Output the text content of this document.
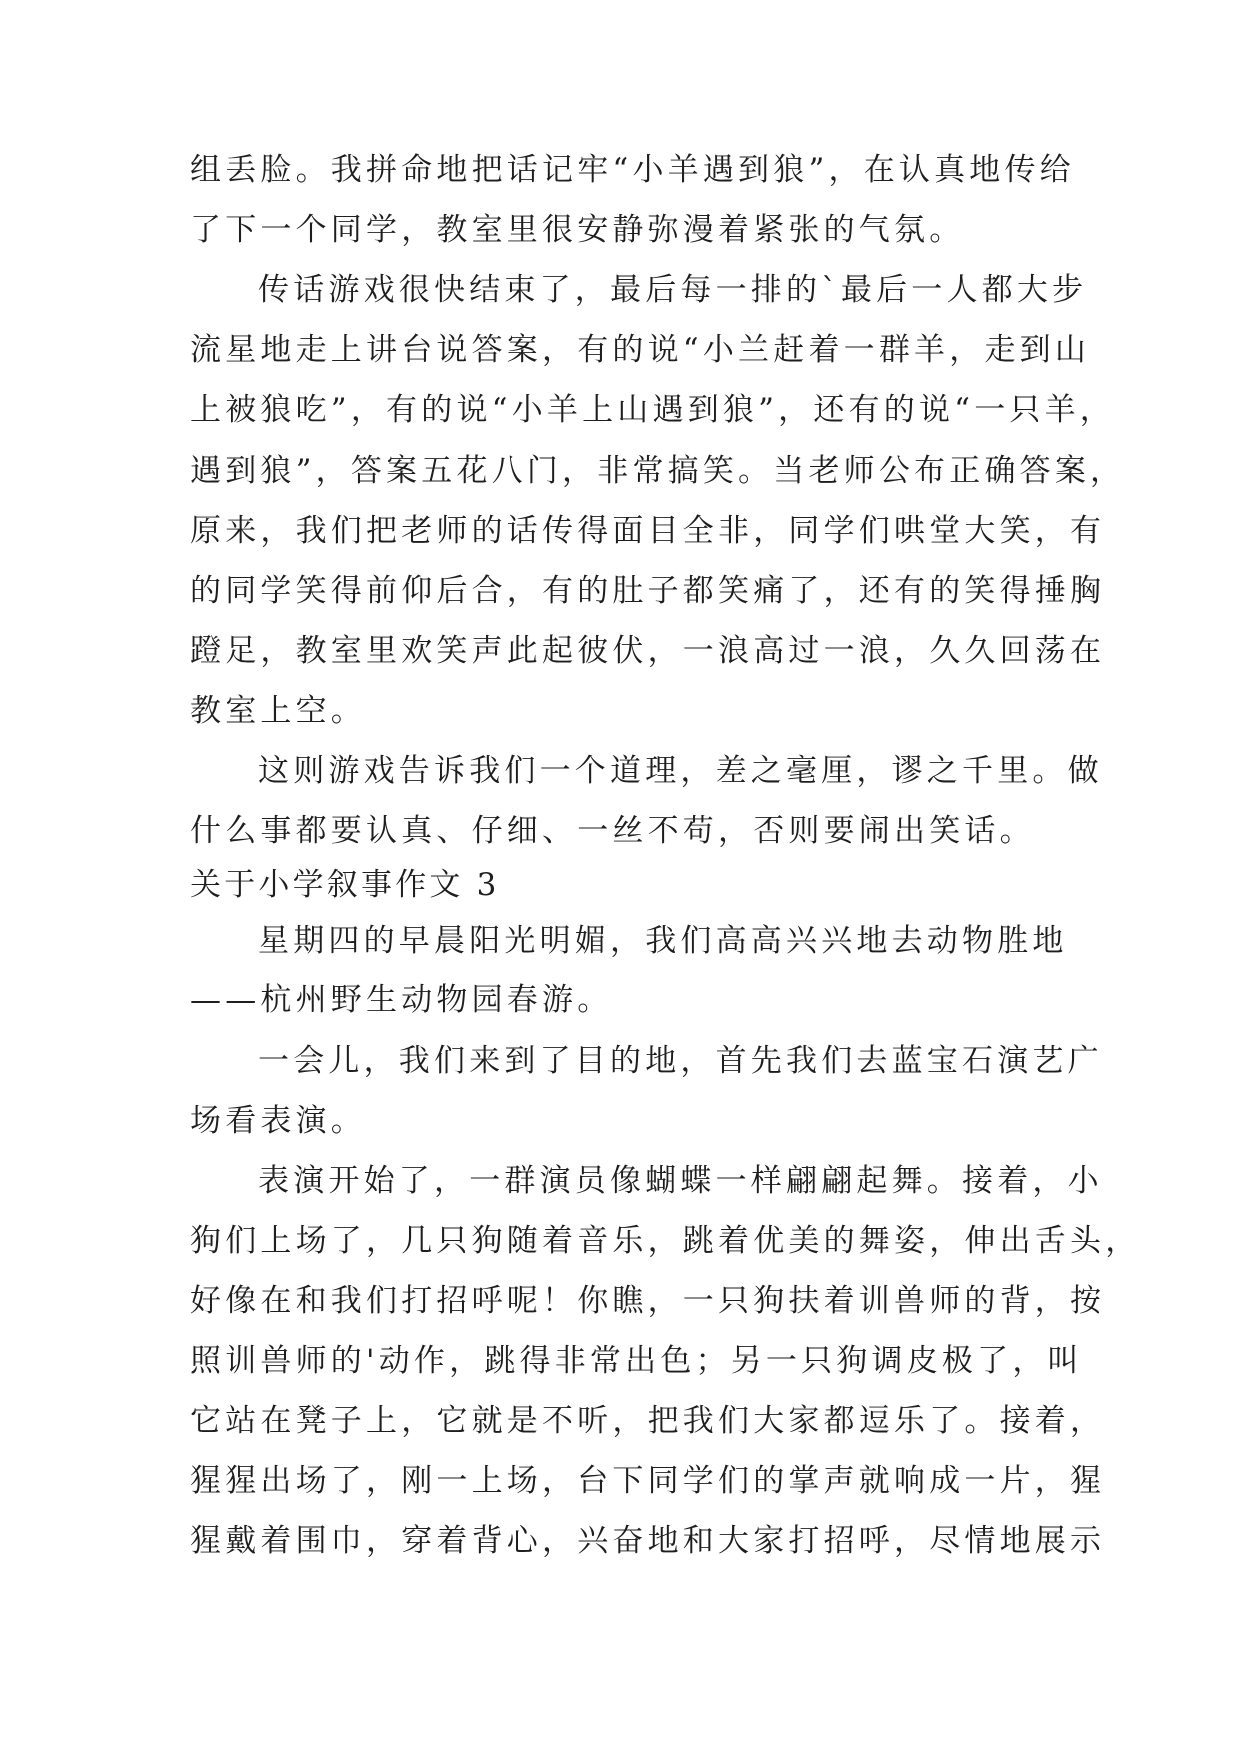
组丢脸。我拼命地把话记牢“小羊遇到狼”，在认真地传给
了下一个同学，教室里很安静弥漫着紧张的气氛。
传话游戏很快结束了，最后每一排的`最后一人都大步
流星地走上讲台说答案，有的说“小兰赶着一群羊，走到山
上被狼吃”，有的说“小羊上山遇到狼”，还有的说“一只羊，
遇到狼”，答案五花八门，非常搞笑。当老师公布正确答案，
原来，我们把老师的话传得面目全非，同学们哄堂大笑，有
的同学笑得前仰后合，有的肚子都笑痛了，还有的笑得捶胸
蹬足，教室里欢笑声此起彼伏，一浪高过一浪，久久回荡在
教室上空。
这则游戏告诉我们一个道理，差之毫厘，谬之千里。做
什么事都要认真、仔细、一丝不苟，否则要闹出笑话。
关于小学叙事作文 3
星期四的早晨阳光明媚，我们高高兴兴地去动物胜地
——杭州野生动物园春游。
一会儿，我们来到了目的地，首先我们去蓝宝石演艺广
场看表演。
表演开始了，一群演员像蝴蝶一样翩翩起舞。接着，小
狗们上场了，几只狗随着音乐，跳着优美的舞姿，伸出舌头，
好像在和我们打招呼呢！你瞧，一只狗扶着训兽师的背，按
照训兽师的'动作，跳得非常出色；另一只狗调皮极了，叫
它站在凳子上，它就是不听，把我们大家都逗乐了。接着，
猩猩出场了，刚一上场，台下同学们的掌声就响成一片，猩
猩戴着围巾，穿着背心，兴奋地和大家打招呼，尽情地展示
